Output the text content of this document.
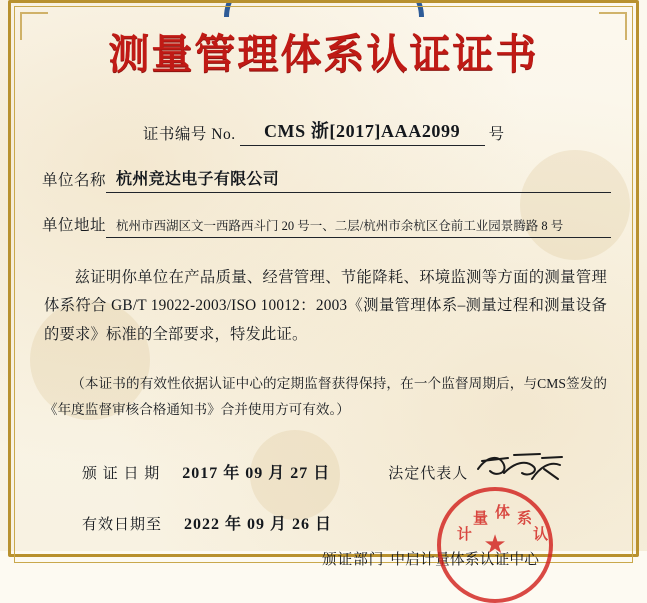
测量管理体系认证证书
证书编号 No.	CMS 浙[2017]AAA2099	号
单位名称 杭州竞达电子有限公司
单位地址 杭州市西湖区文一西路西斗门 20 号一、二层/杭州市余杭区仓前工业园景腾路 8 号
兹证明你单位在产品质量、经营管理、节能降耗、环境监测等方面的测量管理体系符合 GB/T 19022-2003/ISO 10012：2003《测量管理体系–测量过程和测量设备的要求》标准的全部要求，特发此证。
（本证书的有效性依据认证中心的定期监督获得保持，在一个监督周期后，与CMS签发的《年度监督审核合格通知书》合并使用方可有效。）
颁 证 日 期 2017 年 09 月 27 日	法定代表人
有效日期至 2022 年 09 月 26 日
颁证部门 中启计量体系认证中心
★
计
量 体 系
认
